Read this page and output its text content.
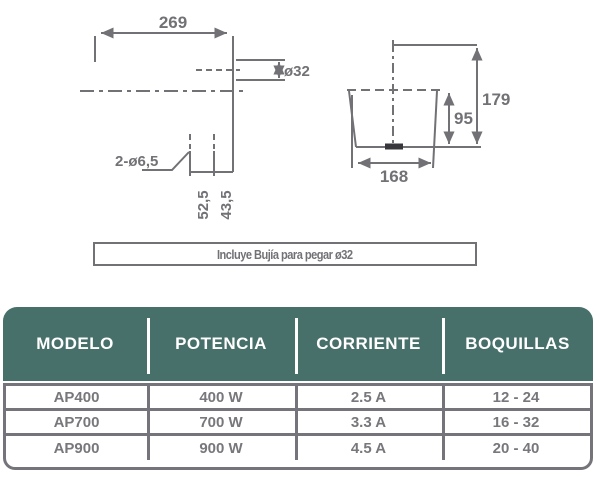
269
ø32
2-ø6,5
52,5 43,5
179
95
168
Incluye Bujía para pegar ø32
MODELO	POTENCIA	CORRIENTE	BOQUILLAS
AP400	400 W	2.5 A	12 - 24
AP700	700 W	3.3 A	16 - 32
AP900	900 W	4.5 A	20 - 40
